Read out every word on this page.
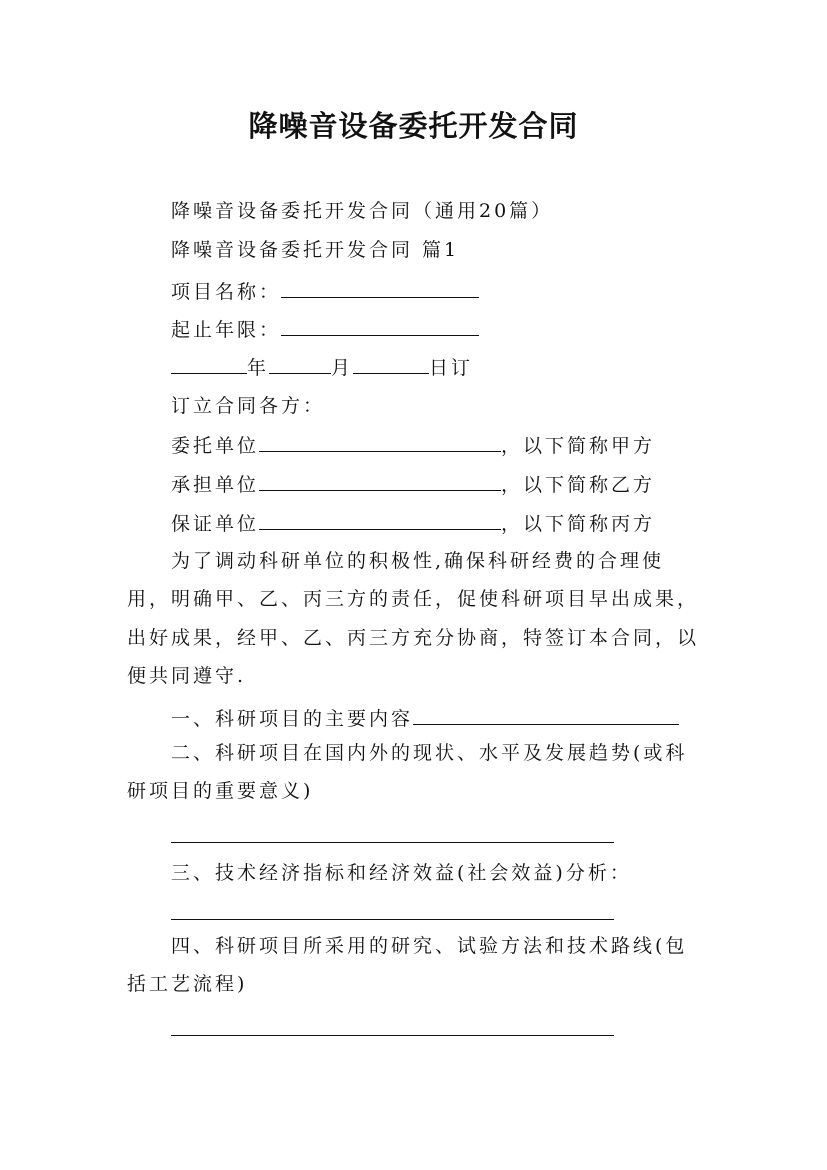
降噪音设备委托开发合同
降噪音设备委托开发合同（通用20篇）
降噪音设备委托开发合同 篇1
项目名称：
起止年限：
年	月	日订
订立合同各方：
委托单位	，以下简称甲方
承担单位	，以下简称乙方
保证单位	，以下简称丙方
为了调动科研单位的积极性,确保科研经费的合理使用，明确甲、乙、丙三方的责任，促使科研项目早出成果，出好成果，经甲、乙、丙三方充分协商，特签订本合同，以便共同遵守.
一、科研项目的主要内容
二、科研项目在国内外的现状、水平及发展趋势(或科研项目的重要意义)
三、技术经济指标和经济效益(社会效益)分析：
四、科研项目所采用的研究、试验方法和技术路线(包括工艺流程)
